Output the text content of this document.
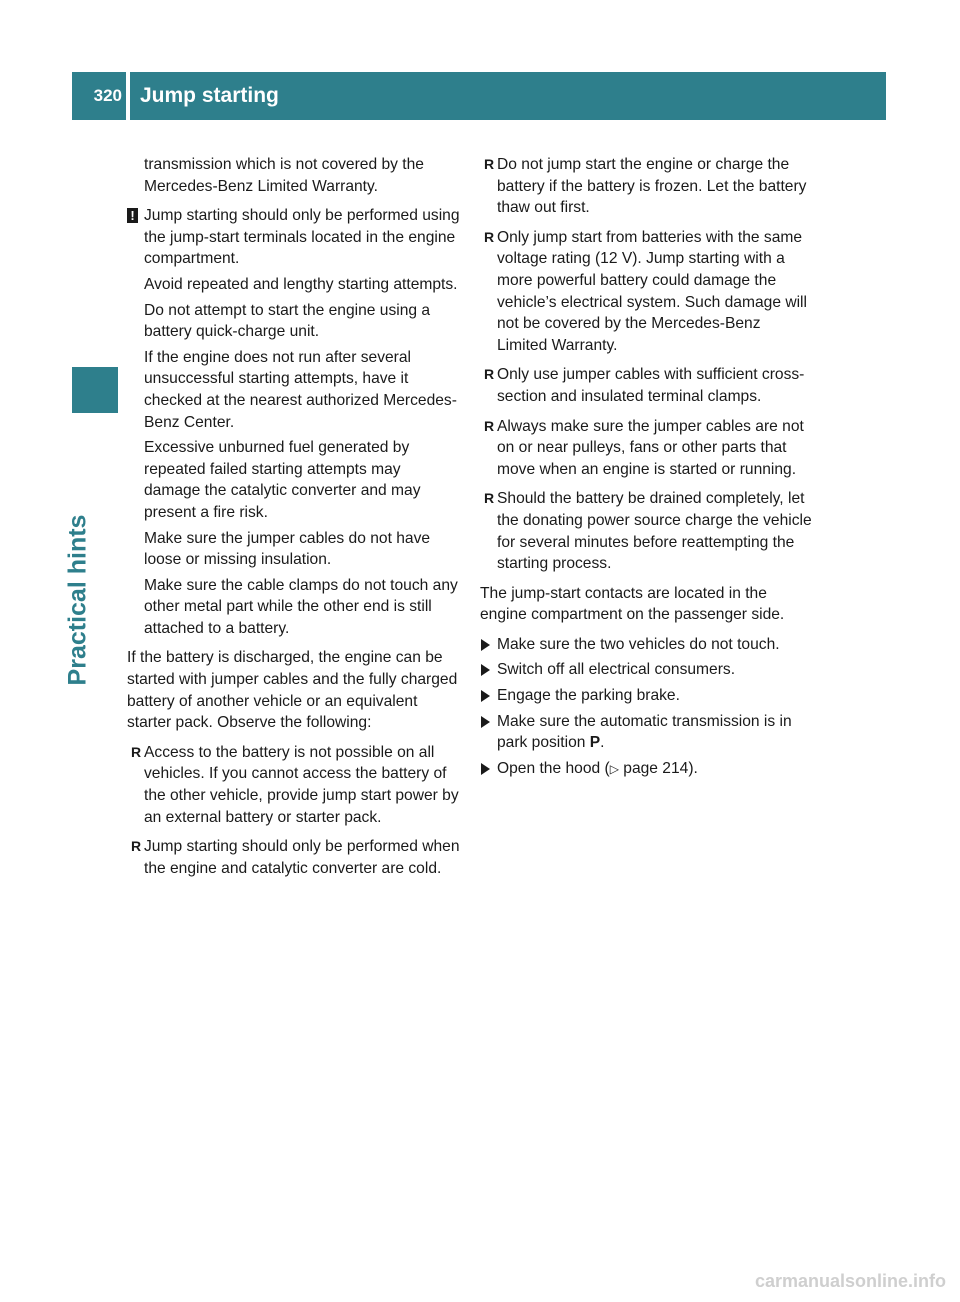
320 Jump starting
Practical hints

transmission which is not covered by the Mercedes-Benz Limited Warranty.

! Jump starting should only be performed using the jump-start terminals located in the engine compartment.

Avoid repeated and lengthy starting attempts.

Do not attempt to start the engine using a battery quick-charge unit.

If the engine does not run after several unsuccessful starting attempts, have it checked at the nearest authorized Mercedes-Benz Center.

Excessive unburned fuel generated by repeated failed starting attempts may damage the catalytic converter and may present a fire risk.

Make sure the jumper cables do not have loose or missing insulation.

Make sure the cable clamps do not touch any other metal part while the other end is still attached to a battery.

If the battery is discharged, the engine can be started with jumper cables and the fully charged battery of another vehicle or an equivalent starter pack. Observe the following:

R Access to the battery is not possible on all vehicles. If you cannot access the battery of the other vehicle, provide jump start power by an external battery or starter pack.

R Jump starting should only be performed when the engine and catalytic converter are cold.

R Do not jump start the engine or charge the battery if the battery is frozen. Let the battery thaw out first.

R Only jump start from batteries with the same voltage rating (12 V). Jump starting with a more powerful battery could damage the vehicle’s electrical system. Such damage will not be covered by the Mercedes-Benz Limited Warranty.

R Only use jumper cables with sufficient cross-section and insulated terminal clamps.

R Always make sure the jumper cables are not on or near pulleys, fans or other parts that move when an engine is started or running.

R Should the battery be drained completely, let the donating power source charge the vehicle for several minutes before reattempting the starting process.

The jump-start contacts are located in the engine compartment on the passenger side.

Make sure the two vehicles do not touch.

Switch off all electrical consumers.

Engage the parking brake.

Make sure the automatic transmission is in park position P.

Open the hood (▷ page 214).

carmanualsonline.info
